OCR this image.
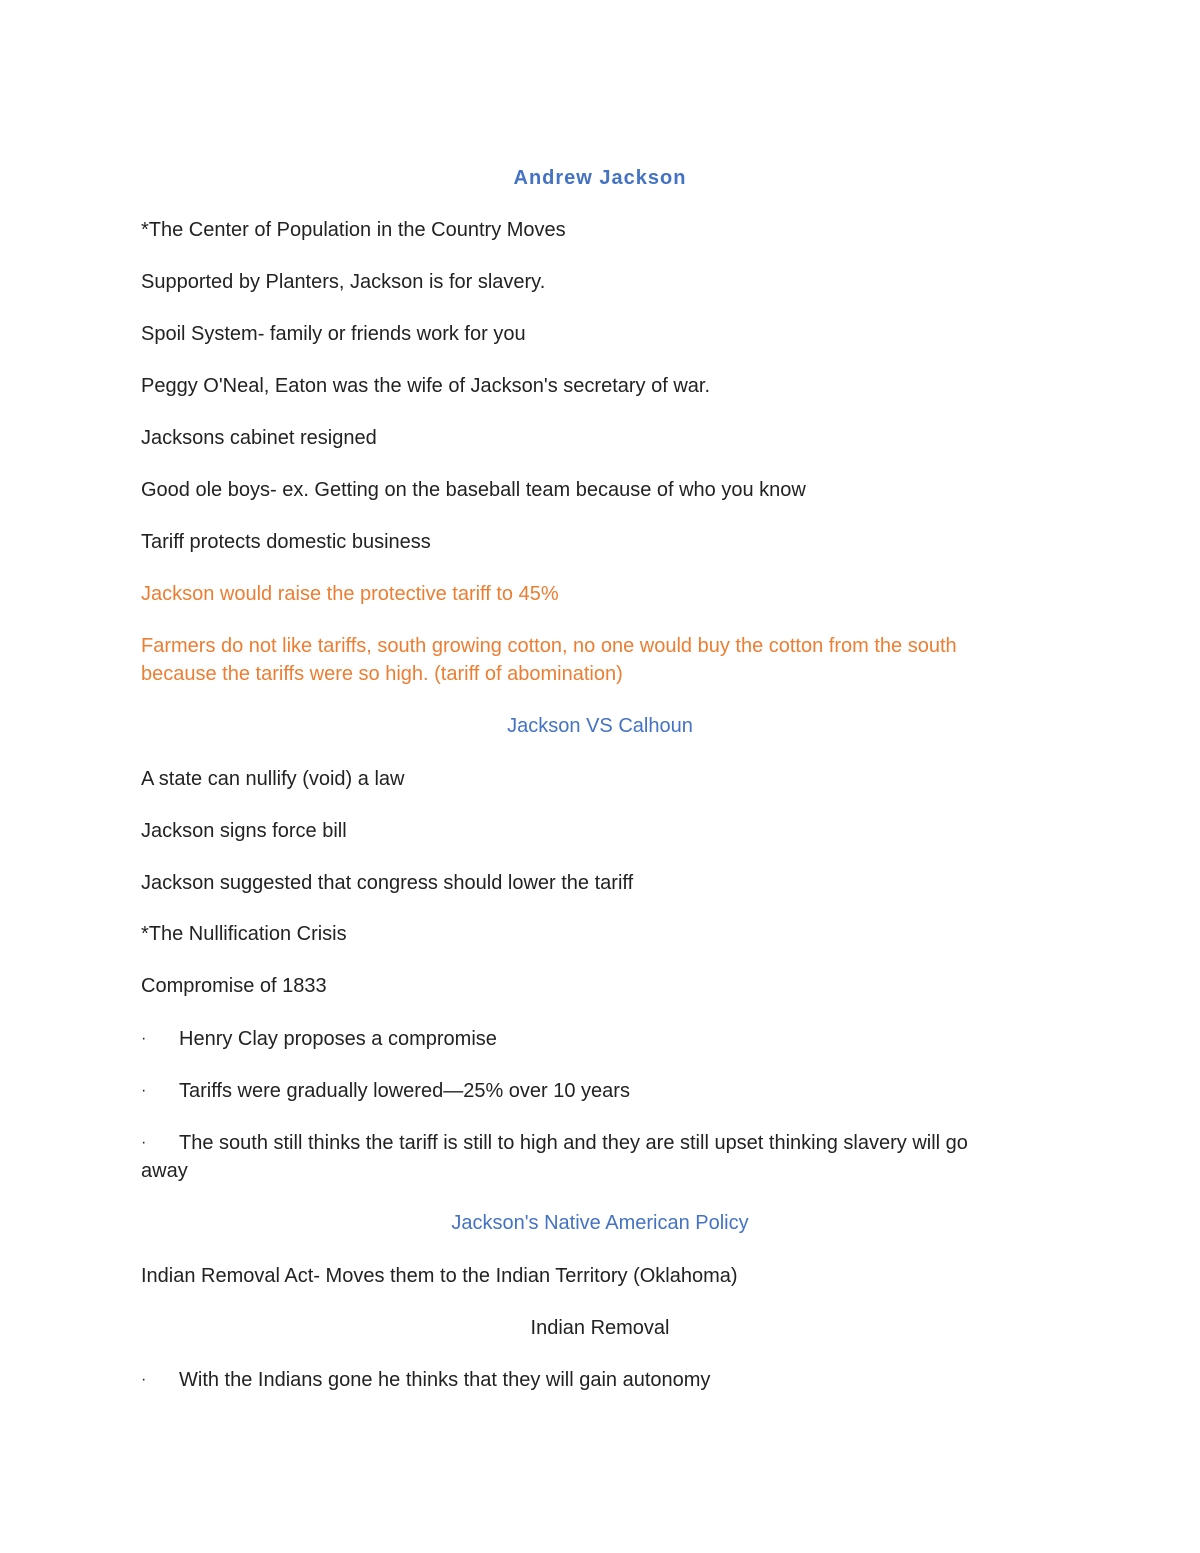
Andrew Jackson

*The Center of Population in the Country Moves

Supported by Planters, Jackson is for slavery.

Spoil System- family or friends work for you

Peggy O'Neal, Eaton was the wife of Jackson's secretary of war.

Jacksons cabinet resigned

Good ole boys- ex. Getting on the baseball team because of who you know

Tariff protects domestic business

Jackson would raise the protective tariff to 45%

Farmers do not like tariffs, south growing cotton, no one would buy the cotton from the south

because the tariffs were so high. (tariff of abomination)

Jackson VS Calhoun

A state can nullify (void) a law

Jackson signs force bill

Jackson suggested that congress should lower the tariff

*The Nullification Crisis

Compromise of 1833

· Henry Clay proposes a compromise
· Tariffs were gradually lowered—25% over 10 years
· The south still thinks the tariff is still to high and they are still upset thinking slavery will go
away

Jackson's Native American Policy

Indian Removal Act- Moves them to the Indian Territory (Oklahoma)

Indian Removal

· With the Indians gone he thinks that they will gain autonomy
